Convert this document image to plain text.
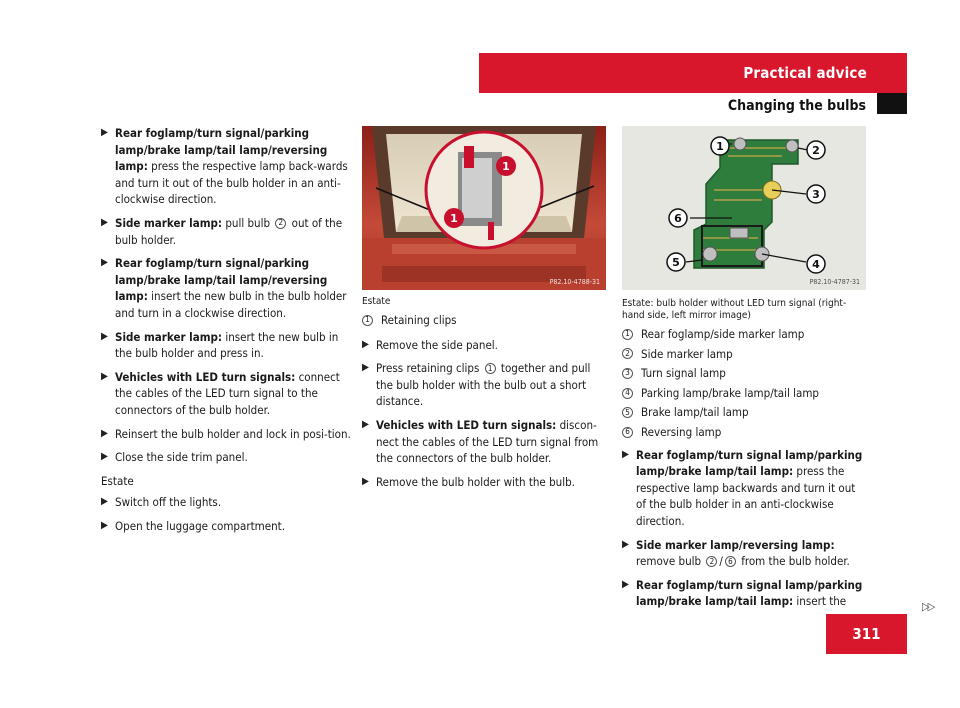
Practical advice
Changing the bulbs
▶ Rear foglamp/turn signal/parking lamp/brake lamp/tail lamp/reversing lamp: press the respective lamp back-wards and turn it out of the bulb holder in an anti-clockwise direction.
▶ Side marker lamp: pull bulb 2 out of the bulb holder.
▶ Rear foglamp/turn signal/parking lamp/brake lamp/tail lamp/reversing lamp: insert the new bulb in the bulb holder and turn in a clockwise direction.
▶ Side marker lamp: insert the new bulb in the bulb holder and press in.
▶ Vehicles with LED turn signals: connect the cables of the LED turn signal to the connectors of the bulb holder.
▶ Reinsert the bulb holder and lock in posi-tion.
▶ Close the side trim panel.
Estate
▶ Switch off the lights.
▶ Open the luggage compartment.
1
1
P82.10-4788-31
1	2
3
4
5
6
P82.10-4787-31
Estate
1 Retaining clips
▶ Remove the side panel.
▶ Press retaining clips 1 together and pull the bulb holder with the bulb out a short distance.
▶ Vehicles with LED turn signals: discon-nect the cables of the LED turn signal from the connectors of the bulb holder.
▶ Remove the bulb holder with the bulb.
Estate: bulb holder without LED turn signal (right-hand side, left mirror image)
1 Rear foglamp/side marker lamp
2 Side marker lamp
3 Turn signal lamp
4 Parking lamp/brake lamp/tail lamp
5 Brake lamp/tail lamp
6 Reversing lamp
▶ Rear foglamp/turn signal lamp/parking lamp/brake lamp/tail lamp: press the respective lamp backwards and turn it out of the bulb holder in an anti-clockwise direction.
▶ Side marker lamp/reversing lamp: remove bulb 2 / 6 from the bulb holder.
▶ Rear foglamp/turn signal lamp/parking lamp/brake lamp/tail lamp: insert the	▷▷
311
